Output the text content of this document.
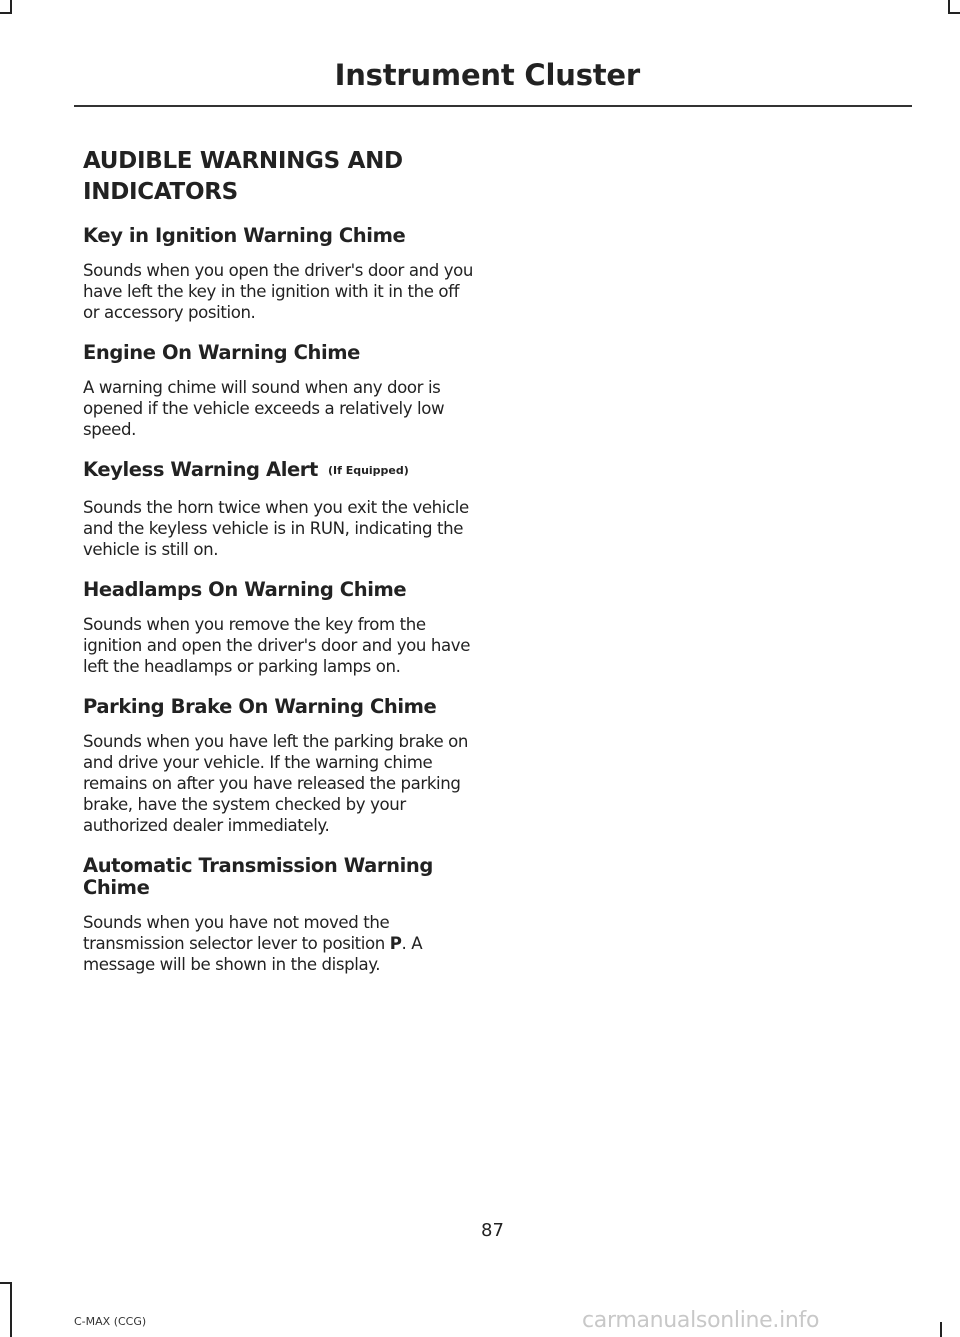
Instrument Cluster
AUDIBLE WARNINGS AND
INDICATORS
Key in Ignition Warning Chime
Sounds when you open the driver's door and you have left the key in the ignition with it in the off or accessory position.
Engine On Warning Chime
A warning chime will sound when any door is opened if the vehicle exceeds a relatively low speed.
Keyless Warning Alert (If Equipped)
Sounds the horn twice when you exit the vehicle and the keyless vehicle is in RUN, indicating the vehicle is still on.
Headlamps On Warning Chime
Sounds when you remove the key from the ignition and open the driver's door and you have left the headlamps or parking lamps on.
Parking Brake On Warning Chime
Sounds when you have left the parking brake on and drive your vehicle. If the warning chime remains on after you have released the parking brake, have the system checked by your authorized dealer immediately.
Automatic Transmission Warning
Chime
Sounds when you have not moved the transmission selector lever to position P. A message will be shown in the display.
87
C-MAX (CCG)	carmanualsonline.info
